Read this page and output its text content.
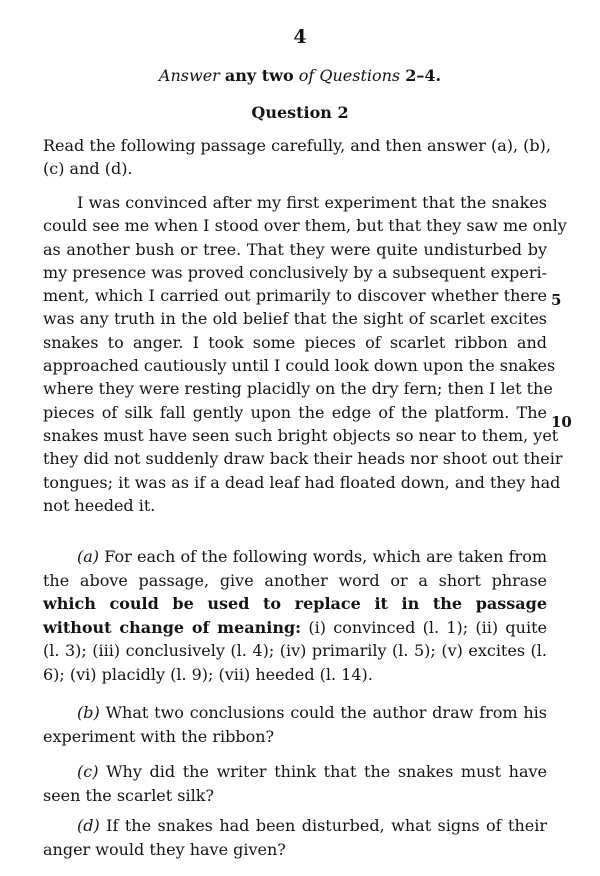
4
Answer any two of Questions 2–4.
Question 2
Read the following passage carefully, and then answer (a), (b), (c) and (d).
I was convinced after my first experiment that the snakes
could see me when I stood over them, but that they saw me only
as another bush or tree. That they were quite undisturbed by
my presence was proved conclusively by a subsequent experi-
ment, which I carried out primarily to discover whether there
was any truth in the old belief that the sight of scarlet excites
snakes to anger. I took some pieces of scarlet ribbon and
approached cautiously until I could look down upon the snakes
where they were resting placidly on the dry fern; then I let the
pieces of silk fall gently upon the edge of the platform. The
snakes must have seen such bright objects so near to them, yet
they did not suddenly draw back their heads nor shoot out their
tongues; it was as if a dead leaf had floated down, and they had
not heeded it.
5
10
(a) For each of the following words, which are taken from the above passage, give another word or a short phrase which could be used to replace it in the passage without change of meaning: (i) convinced (l. 1); (ii) quite (l. 3); (iii) conclusively (l. 4); (iv) primarily (l. 5); (v) excites (l. 6); (vi) placidly (l. 9); (vii) heeded (l. 14).
(b) What two conclusions could the author draw from his experiment with the ribbon?
(c) Why did the writer think that the snakes must have seen the scarlet silk?
(d) If the snakes had been disturbed, what signs of their anger would they have given?
